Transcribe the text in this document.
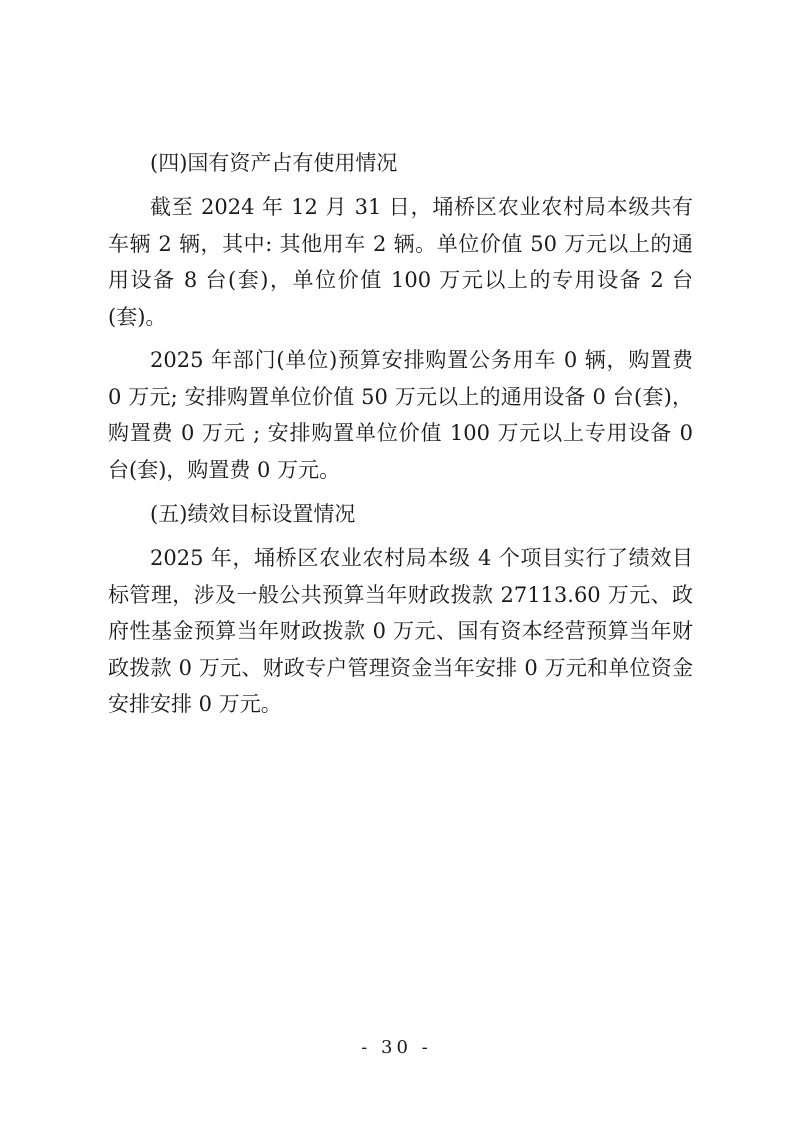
(四)国有资产占有使用情况

截至 2024 年 12 月 31 日，埇桥区农业农村局本级共有车辆 2 辆，其中: 其他用车 2 辆。单位价值 50 万元以上的通用设备 8 台(套)，单位价值 100 万元以上的专用设备 2 台(套)。

2025 年部门(单位)预算安排购置公务用车 0 辆，购置费 0 万元; 安排购置单位价值 50 万元以上的通用设备 0 台(套)，购置费 0 万元 ; 安排购置单位价值 100 万元以上专用设备 0 台(套)，购置费 0 万元。

(五)绩效目标设置情况

2025 年，埇桥区农业农村局本级 4 个项目实行了绩效目标管理，涉及一般公共预算当年财政拨款 27113.60 万元、政府性基金预算当年财政拨款 0 万元、国有资本经营预算当年财政拨款 0 万元、财政专户管理资金当年安排 0 万元和单位资金安排安排 0 万元。

- 30 -
